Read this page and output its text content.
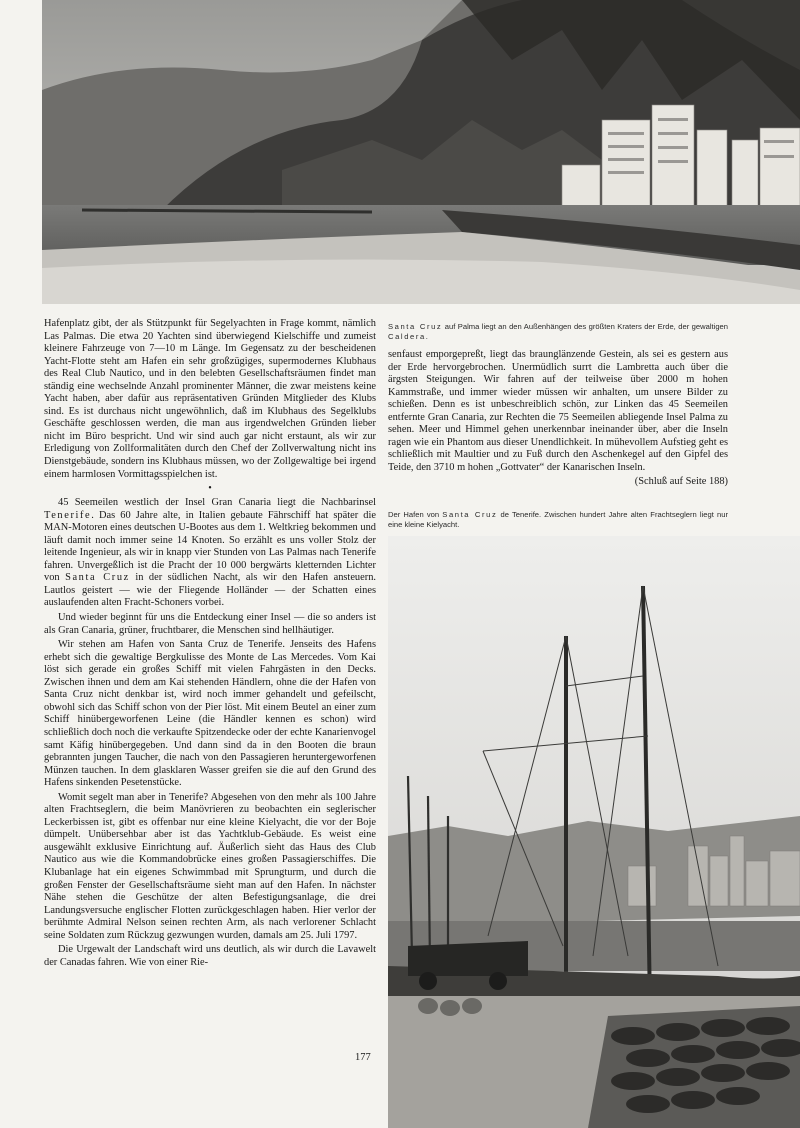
Santa Cruz auf Palma liegt an den Außenhängen des größten Kraters der Erde, der gewaltigen Caldera.

Hafenplatz gibt, der als Stützpunkt für Segelyachten in Frage kommt, nämlich Las Palmas. Die etwa 20 Yachten sind überwiegend Kielschiffe und zumeist kleinere Fahrzeuge von 7—10 m Länge. Im Gegensatz zu der bescheidenen Yacht-Flotte steht am Hafen ein sehr großzügiges, supermodernes Klubhaus des Real Club Nautico, und in den belebten Gesellschaftsräumen findet man ständig eine wechselnde Anzahl prominenter Männer, die zwar meistens keine Yacht haben, aber dafür aus repräsentativen Gründen Mitglieder des Klubs sind. Es ist durchaus nicht ungewöhnlich, daß im Klubhaus des Segelklubs Geschäfte geschlossen werden, die man aus irgendwelchen Gründen lieber nicht im Büro bespricht. Und wir sind auch gar nicht erstaunt, als wir zur Erledigung von Zollformalitäten durch den Chef der Zollverwaltung nicht ins Dienstgebäude, sondern ins Klubhaus müssen, wo der Zollgewaltige bei irgend einem harmlosen Vormittagsspielchen ist.

•

45 Seemeilen westlich der Insel Gran Canaria liegt die Nachbarinsel Tenerife. Das 60 Jahre alte, in Italien gebaute Fährschiff hat später die MAN-Motoren eines deutschen U-Bootes aus dem 1. Weltkrieg bekommen und läuft damit noch immer seine 14 Knoten. So erzählt es uns voller Stolz der leitende Ingenieur, als wir in knapp vier Stunden von Las Palmas nach Tenerife fahren. Unvergeßlich ist die Pracht der 10 000 bergwärts kletternden Lichter von Santa Cruz in der südlichen Nacht, als wir den Hafen ansteuern. Lautlos geistert — wie der Fliegende Holländer — der Schatten eines auslaufenden alten Fracht-Schoners vorbei.

Und wieder beginnt für uns die Entdeckung einer Insel — die so anders ist als Gran Canaria, grüner, fruchtbarer, die Menschen sind hellhäutiger.

Wir stehen am Hafen von Santa Cruz de Tenerife. Jenseits des Hafens erhebt sich die gewaltige Bergkulisse des Monte de Las Mercedes. Vom Kai löst sich gerade ein großes Schiff mit vielen Fahrgästen in den Decks. Zwischen ihnen und dem am Kai stehenden Händlern, ohne die der Hafen von Santa Cruz nicht denkbar ist, wird noch immer gehandelt und gefeilscht, obwohl sich das Schiff schon von der Pier löst. Mit einem Beutel an einer zum Schiff hinübergeworfenen Leine (die Händler kennen es schon) wird schließlich doch noch die verkaufte Spitzendecke oder der echte Kanarienvogel samt Käfig hinübergegeben. Und dann sind da in den Booten die braun gebrannten jungen Taucher, die nach von den Passagieren heruntergeworfenen Münzen tauchen. In dem glasklaren Wasser greifen sie die auf den Grund des Hafens sinkenden Pesetenstücke.

Womit segelt man aber in Tenerife? Abgesehen von den mehr als 100 Jahre alten Frachtseglern, die beim Manövrieren zu beobachten ein seglerischer Leckerbissen ist, gibt es offenbar nur eine kleine Kielyacht, die vor der Boje dümpelt. Unübersehbar aber ist das Yachtklub-Gebäude. Es weist eine ausgewählt exklusive Einrichtung auf. Äußerlich sieht das Haus des Club Nautico aus wie die Kommandobrücke eines großen Passagierschiffes. Die Klubanlage hat ein eigenes Schwimmbad mit Sprungturm, und durch die großen Fenster der Gesellschaftsräume sieht man auf den Hafen. In nächster Nähe stehen die Geschütze der alten Befestigungsanlage, die drei Landungsversuche englischer Flotten zurückgeschlagen haben. Hier verlor der berühmte Admiral Nelson seinen rechten Arm, als nach verlorener Schlacht seine Soldaten zum Rückzug gezwungen wurden, damals am 25. Juli 1797.

Die Urgewalt der Landschaft wird uns deutlich, als wir durch die Lavawelt der Canadas fahren. Wie von einer Rie-

senfaust emporgepreßt, liegt das braunglänzende Gestein, als sei es gestern aus der Erde hervorgebrochen. Unermüdlich surrt die Lambretta auch über die ärgsten Steigungen. Wir fahren auf der teilweise über 2000 m hohen Kammstraße, und immer wieder müssen wir anhalten, um unsere Bilder zu schießen. Denn es ist unbeschreiblich schön, zur Linken das 45 Seemeilen entfernte Gran Canaria, zur Rechten die 75 Seemeilen abliegende Insel Palma zu sehen. Meer und Himmel gehen unerkennbar ineinander über, aber die Inseln ragen wie ein Phantom aus dieser Unendlichkeit. In mühevollem Aufstieg geht es schließlich mit Maultier und zu Fuß durch den Aschenkegel auf den Gipfel des Teide, den 3710 m hohen „Gottvater“ der Kanarischen Inseln.

(Schluß auf Seite 188)

Der Hafen von Santa Cruz de Tenerife. Zwischen hundert Jahre alten Frachtseglern liegt nur eine kleine Kielyacht.
177
